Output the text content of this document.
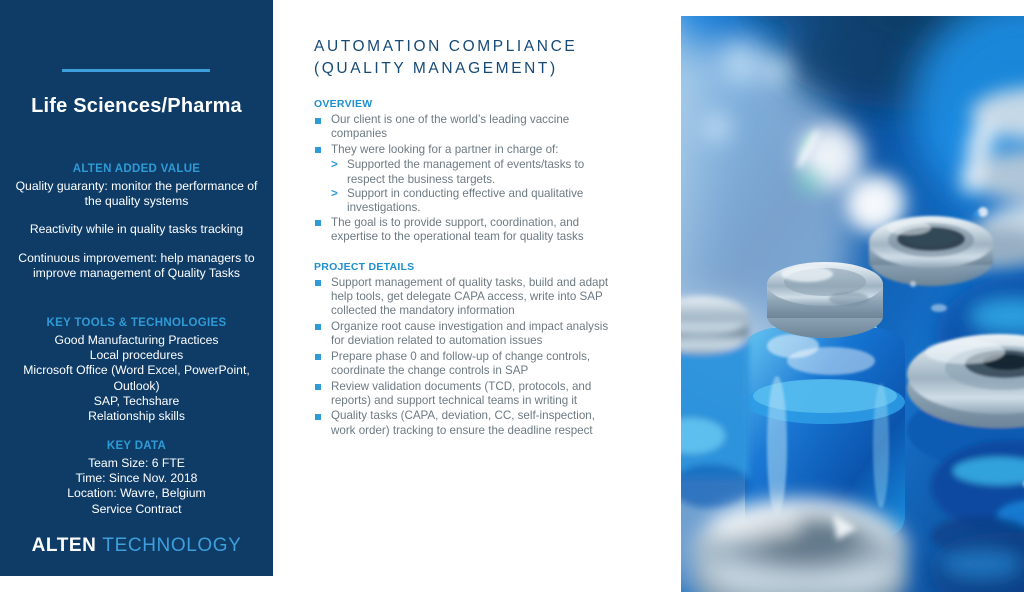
Life Sciences/Pharma
ALTEN ADDED VALUE

Quality guaranty: monitor the performance of the quality systems

Reactivity while in quality tasks tracking

Continuous improvement: help managers to improve management of Quality Tasks

KEY TOOLS & TECHNOLOGIES

Good Manufacturing Practices

Local procedures

Microsoft Office (Word Excel, PowerPoint, Outlook)

SAP, Techshare

Relationship skills

KEY DATA

Team Size: 6 FTE

Time: Since Nov. 2018

Location: Wavre, Belgium

Service Contract

ALTEN TECHNOLOGY
AUTOMATION COMPLIANCE (QUALITY MANAGEMENT)
OVERVIEW
Our client is one of the world’s leading vaccine companies
They were looking for a partner in charge of:
> Supported the management of events/tasks to respect the business targets.
> Support in conducting effective and qualitative investigations.
The goal is to provide support, coordination, and expertise to the operational team for quality tasks
PROJECT DETAILS
Support management of quality tasks, build and adapt help tools, get delegate CAPA access, write into SAP collected the mandatory information
Organize root cause investigation and impact analysis for deviation related to automation issues
Prepare phase 0 and follow-up of change controls, coordinate the change controls in SAP
Review validation documents (TCD, protocols, and reports) and support technical teams in writing it
Quality tasks (CAPA, deviation, CC, self-inspection, work order) tracking to ensure the deadline respect
